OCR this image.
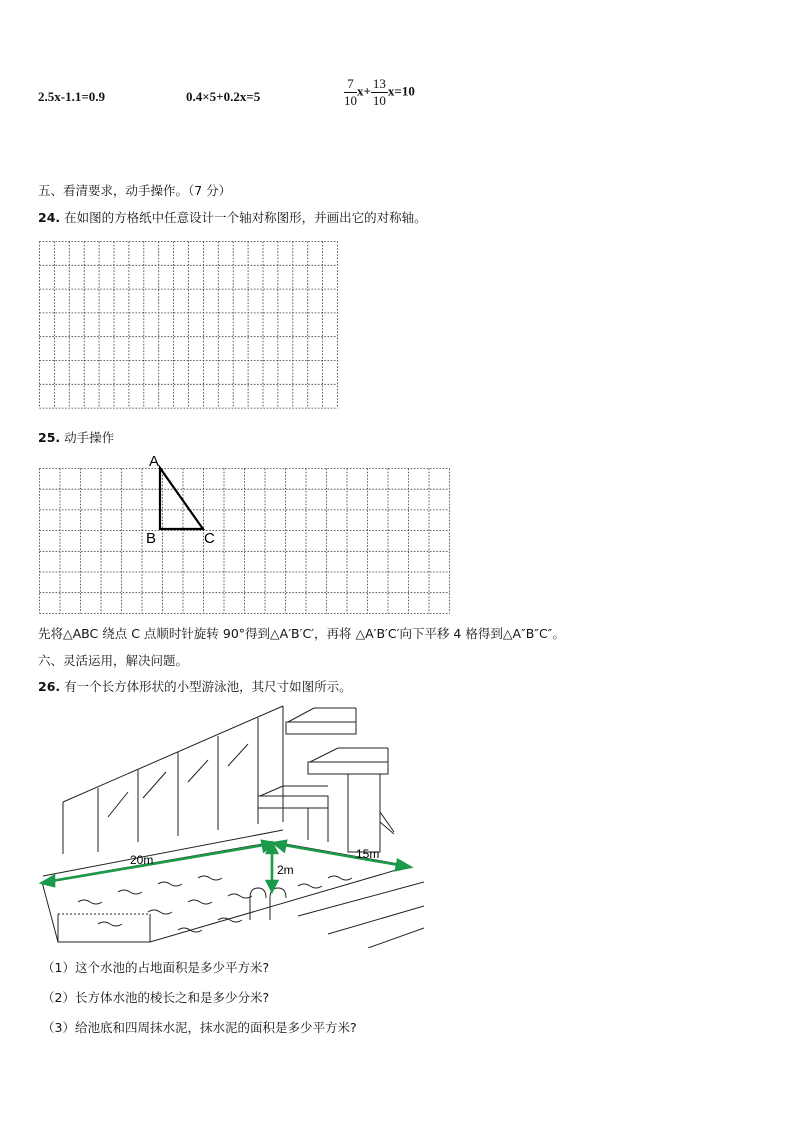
2.5x-1.1=0.9	0.4×5+0.2x=5	$\frac{7}{10} x+ \frac{13}{10} x=10$
五、看清要求，动手操作。（7 分）
24. 在如图的方格纸中任意设计一个轴对称图形，并画出它的对称轴。
25. 动手操作
A
B	C
先将△ABC 绕点 C 点顺时针旋转 90°得到△A′B′C′，再将 △A′B′C′向下平移 4 格得到△A″B″C″。
六、灵活运用，解决问题。
26. 有一个长方体形状的小型游泳池，其尺寸如图所示。
20m	15m
2m
（1）这个水池的占地面积是多少平方米?
（2）长方体水池的棱长之和是多少分米?
（3）给池底和四周抹水泥，抹水泥的面积是多少平方米?
